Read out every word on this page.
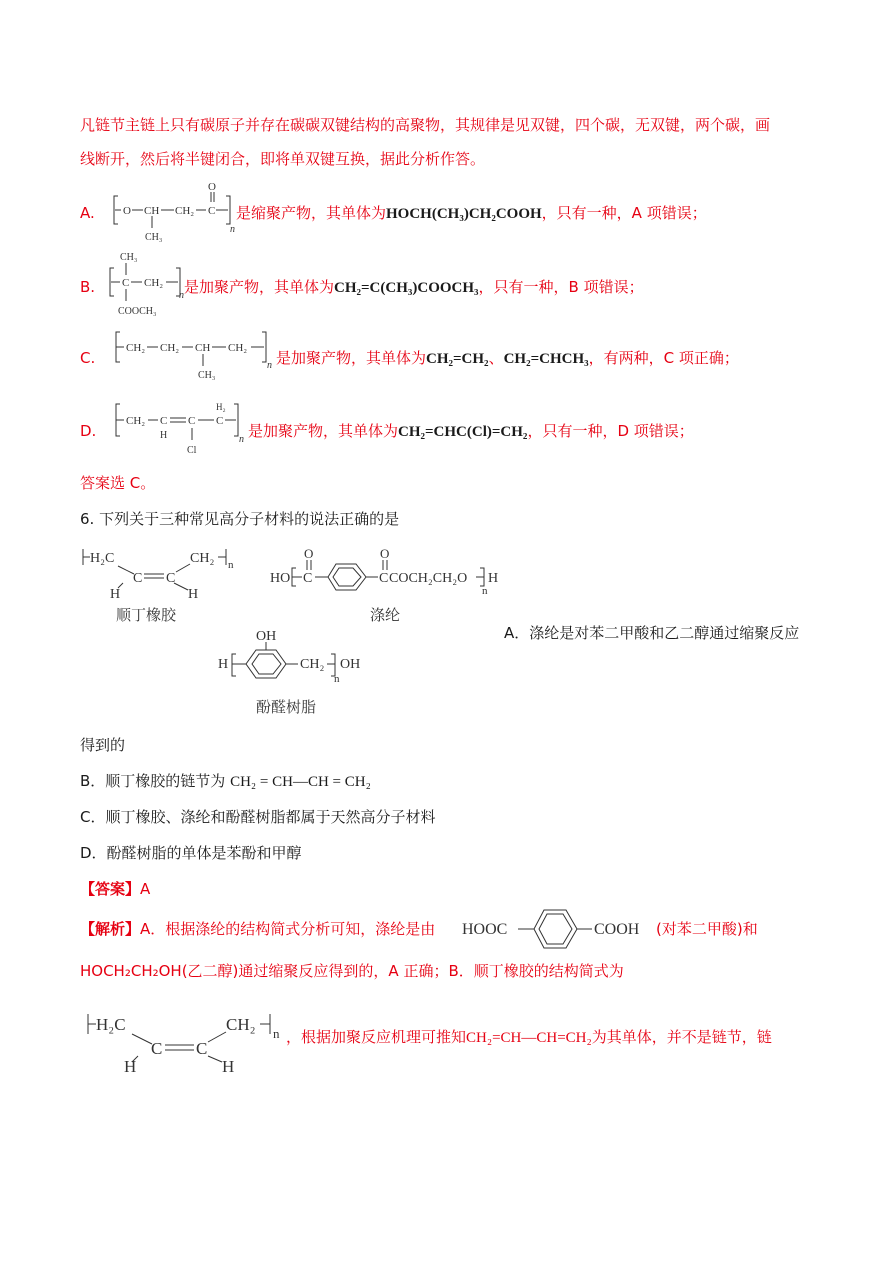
凡链节主链上只有碳原子并存在碳碳双键结构的高聚物，其规律是见双键，四个碳，无双键，两个碳，画
线断开，然后将半键闭合，即将单双键互换，据此分析作答。
A.	O CH CH₂ C
O
CH₃
n
是缩聚产物，其单体为HOCH(CH₃)CH₂COOH，只有一种，A 项错误；
B.
CH₃
C CH₂
COOCH₃
n 是加聚产物，其单体为CH₂=C(CH₃)COOCH₃，只有一种，B 项错误；
C.
CH₂ CH₂ CH CH₂
CH₃
n 是加聚产物，其单体为CH₂=CH₂、CH₂=CHCH₃，有两种，C 项正确；
D.
CH₂ C
H
C
Cl
H₂
C
n 是加聚产物，其单体为CH₂=CHC(Cl)=CH₂，只有一种，D 项错误；
答案选 C。
6. 下列关于三种常见高分子材料的说法正确的是
H₂C
C
H
C
H
CH₂ n
顺丁橡胶
HO C
O
C
O
COCH₂CH₂O
n
H
涤纶
OH
H	CH₂
n
OH
酚醛树脂
A．涤纶是对苯二甲酸和乙二醇通过缩聚反应
得到的
B．顺丁橡胶的链节为 CH₂ = CH—CH = CH₂
C．顺丁橡胶、涤纶和酚醛树脂都属于天然高分子材料
D．酚醛树脂的单体是苯酚和甲醇
【答案】A
【解析】A．根据涤纶的结构简式分析可知，涤纶是由 HOOC	COOH (对苯二甲酸)和
HOCH₂CH₂OH(乙二醇)通过缩聚反应得到的，A 正确；B．顺丁橡胶的结构简式为
H₂C
C
H
C
H
CH₂ n ，根据加聚反应机理可推知CH₂=CH—CH=CH₂为其单体，并不是链节，链
